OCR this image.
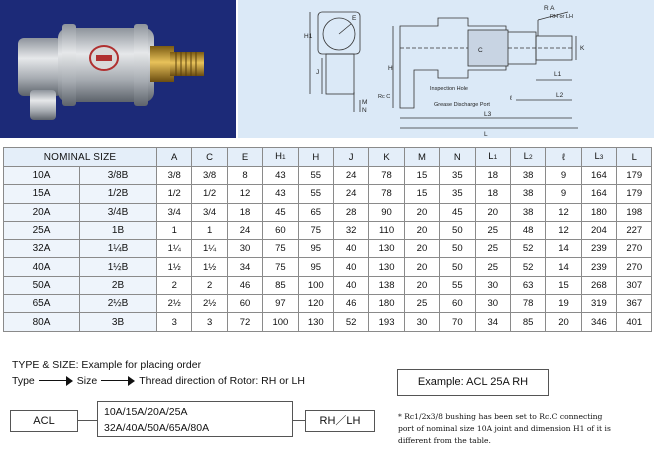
R A
RH or LH
H1
J
M
N
E
H
Rc C
Inspection Hole
Grease Discharge Port
L1
L2
ℓ
L3
L
K
C
NOMINAL SIZE		A	C	E	H1	H	J	K	M	N	L1	L2	ℓ	L3	L
10A	3/8B	3/8	3/8	8	43	55	24	78	15	35	18	38	9	164	179
15A	1/2B	1/2	1/2	12	43	55	24	78	15	35	18	38	9	164	179
20A	3/4B	3/4	3/4	18	45	65	28	90	20	45	20	38	12	180	198
25A	1B	1	1	24	60	75	32	110	20	50	25	48	12	204	227
32A	1¼B	1¼	1¼	30	75	95	40	130	20	50	25	52	14	239	270
40A	1½B	1½	1½	34	75	95	40	130	20	50	25	52	14	239	270
50A	2B	2	2	46	85	100	40	138	20	55	30	63	15	268	307
65A	2½B	2½	2½	60	97	120	46	180	25	60	30	78	19	319	367
80A	3B	3	3	72	100	130	52	193	30	70	34	85	20	346	401
TYPE & SIZE: Example for placing order
Type	Size	Thread direction of Rotor: RH or LH	Example: ACL 25A RH
ACL
10A/15A/20A/25A
32A/40A/50A/65A/80A
RH／LH	* Rc1/2x3/8 bushing has been set to Rc.C connecting
port of nominal size 10A joint and dimension H1 of it is
different from the table.
